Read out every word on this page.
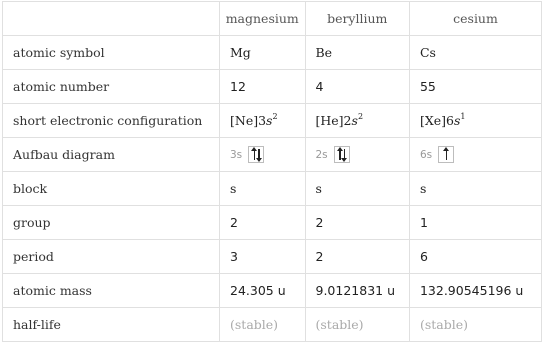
	magnesium	beryllium	cesium
atomic symbol	Mg	Be	Cs
atomic number	12	4	55
short electronic configuration	$[Ne]3s^2$	$[He]2s^2$	$[Xe]6s^1$
Aufbau diagram	3s	2s	6s

block	s	s	s
group	2	2	1
period	3	2	6
atomic mass	24.305 u	9.0121831 u	132.90545196 u
half-life	(stable)	(stable)	(stable)
